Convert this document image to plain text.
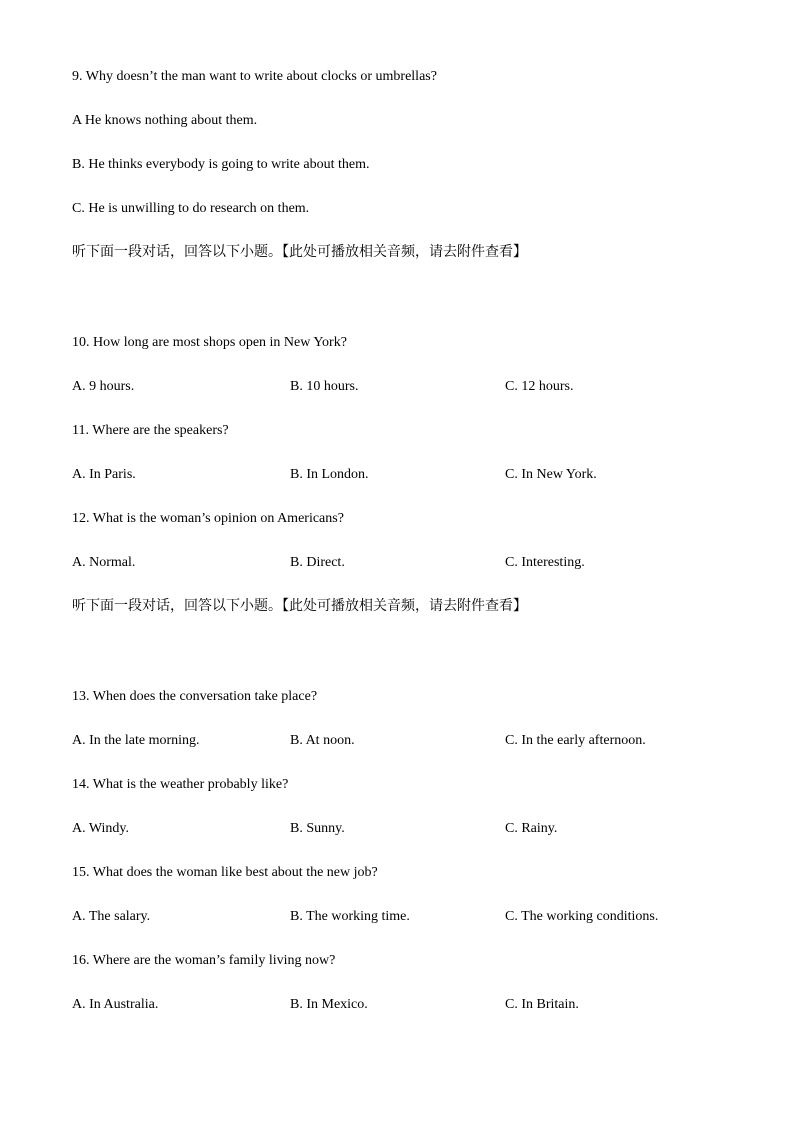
9. Why doesn’t the man want to write about clocks or umbrellas?

A He knows nothing about them.

B. He thinks everybody is going to write about them.

C. He is unwilling to do research on them.

听下面一段对话，回答以下小题。【此处可播放相关音频，请去附件查看】

10. How long are most shops open in New York?

A. 9 hours.	B. 10 hours.	C. 12 hours.

11. Where are the speakers?

A. In Paris.	B. In London.	C. In New York.

12. What is the woman’s opinion on Americans?

A. Normal.	B. Direct.	C. Interesting.

听下面一段对话，回答以下小题。【此处可播放相关音频，请去附件查看】

13. When does the conversation take place?

A. In the late morning.	B. At noon.	C. In the early afternoon.

14. What is the weather probably like?

A. Windy.	B. Sunny.	C. Rainy.

15. What does the woman like best about the new job?

A. The salary.	B. The working time.	C. The working conditions.

16. Where are the woman’s family living now?

A. In Australia.	B. In Mexico.	C. In Britain.
